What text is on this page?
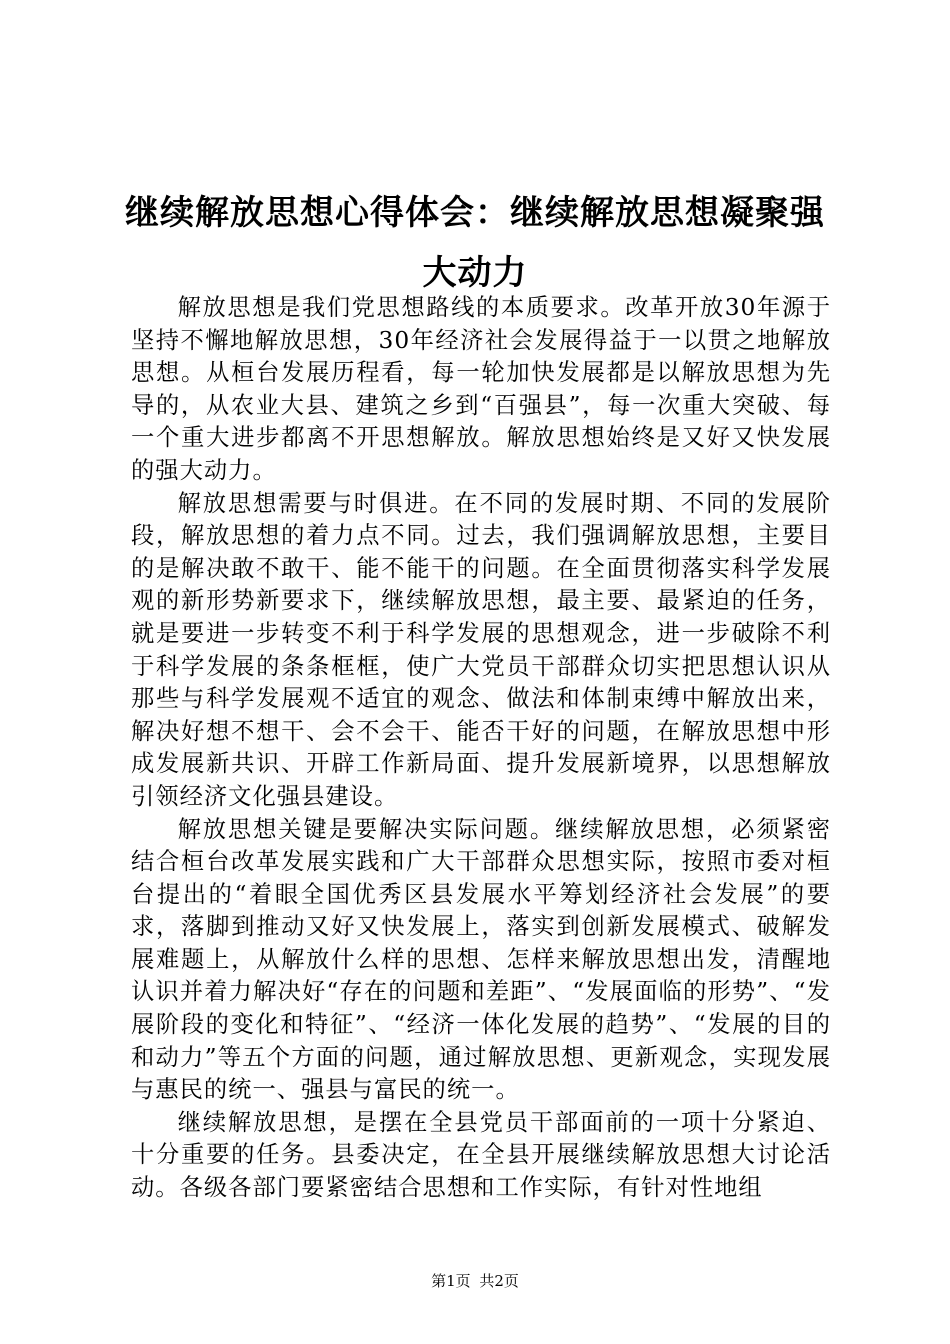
继续解放思想心得体会：继续解放思想凝聚强大动力

解放思想是我们党思想路线的本质要求。改革开放30年源于坚持不懈地解放思想，30年经济社会发展得益于一以贯之地解放思想。从桓台发展历程看，每一轮加快发展都是以解放思想为先导的，从农业大县、建筑之乡到“百强县”，每一次重大突破、每一个重大进步都离不开思想解放。解放思想始终是又好又快发展的强大动力。

解放思想需要与时俱进。在不同的发展时期、不同的发展阶段，解放思想的着力点不同。过去，我们强调解放思想，主要目的是解决敢不敢干、能不能干的问题。在全面贯彻落实科学发展观的新形势新要求下，继续解放思想，最主要、最紧迫的任务，就是要进一步转变不利于科学发展的思想观念，进一步破除不利于科学发展的条条框框，使广大党员干部群众切实把思想认识从那些与科学发展观不适宜的观念、做法和体制束缚中解放出来，解决好想不想干、会不会干、能否干好的问题，在解放思想中形成发展新共识、开辟工作新局面、提升发展新境界，以思想解放引领经济文化强县建设。

解放思想关键是要解决实际问题。继续解放思想，必须紧密结合桓台改革发展实践和广大干部群众思想实际，按照市委对桓台提出的“着眼全国优秀区县发展水平筹划经济社会发展”的要求，落脚到推动又好又快发展上，落实到创新发展模式、破解发展难题上，从解放什么样的思想、怎样来解放思想出发，清醒地认识并着力解决好“存在的问题和差距”、“发展面临的形势”、“发展阶段的变化和特征”、“经济一体化发展的趋势”、“发展的目的和动力”等五个方面的问题，通过解放思想、更新观念，实现发展与惠民的统一、强县与富民的统一。

继续解放思想，是摆在全县党员干部面前的一项十分紧迫、十分重要的任务。县委决定，在全县开展继续解放思想大讨论活动。各级各部门要紧密结合思想和工作实际，有针对性地组

第1页 共2页
